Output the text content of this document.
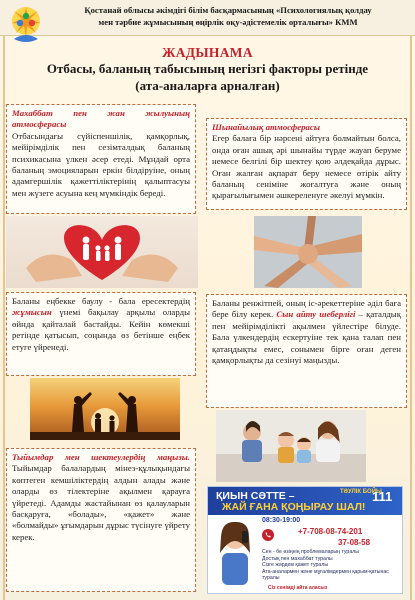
Қостанай облысы әкімдігі білім басқармасының «Психологиялық қолдау
мен тәрбие жұмысының өңірлік оқу-әдістемелік орталығы» КММ
ЖАДЫНАМА
Отбасы, баланың табысының негізгі факторы ретінде
(ата-аналарға арналған)
Махаббат пен жан жылуының атмосферасы
Отбасындағы сүйіспеншілік, қамқорлық, мейірімділік пен сезімталдық баланың психикасына үлкен әсер етеді. Мұндай орта баланың эмоцияларын еркін білдіруіне, оның адамгершілік қажеттіліктерінің қалыптасуы мен жүзеге асуына кең мүмкіндік береді.
Шынайылық атмосферасы
Егер балаға бір нәрсені айтуға болмайтын болса, онда оған ашық әрі шынайы түрде жауап беруме немесе белгілі бір шектеу қою әлдеқайда дұрыс. Оған жалған ақпарат беру немесе өтірік айту баланың сеніміне жоғалтуға және оның қырағылығымен әшкереленуге әкелуі мүмкін.
Баланы еңбекке баулу - бала ересектердің жұмысын үнемі бақылау арқылы оларды өйнда қайталай бастайды. Кейін көмекші ретінде қатысып, соңында өз бетінше еңбек етуге үйренеді.
Баланы ренжітпей, оның іс-әрекеттеріне әділ баға бере білу керек. Сын айту шеберлігі – қаталдық пен мейірімділікті ақылмен үйлестіре білуде. Бала үлкендердің ескертуіне тек қана талап пен қатаңдықты емес, сонымен бірге оған деген қамқорлықты да сезінуі маңызды.
Тыйымдар мен шектеулердің маңызы. Тыйымдар балалардың мінез-құлықындағы көптеген кемшіліктердің алдын алады және оларды өз тілектеріне ақылмен қарауға үйретеді. Адамды жастайынан өз қалауларын басқаруға, «болады», «қажет» және «болмайды» ұғымдарын дұрыс түсінуге үйрету керек.
ҚИЫН СӘТТЕ –
ЖАЙ ҒАНА ҚОҢЫРАУ ШАЛ!
ТӘУЛІК БОЙЫ
111
08:30-19:00
+7-708-08-74-201
37-08-58
Сен - бе өзіңнің проблемаларың туралы
Достық пен махаббат туралы
Сізге жәрдем қажет туралы
Ата-аналармен және мұғалімдермен қарым-қатынас туралы
Сіз сенімді айта аласыз
